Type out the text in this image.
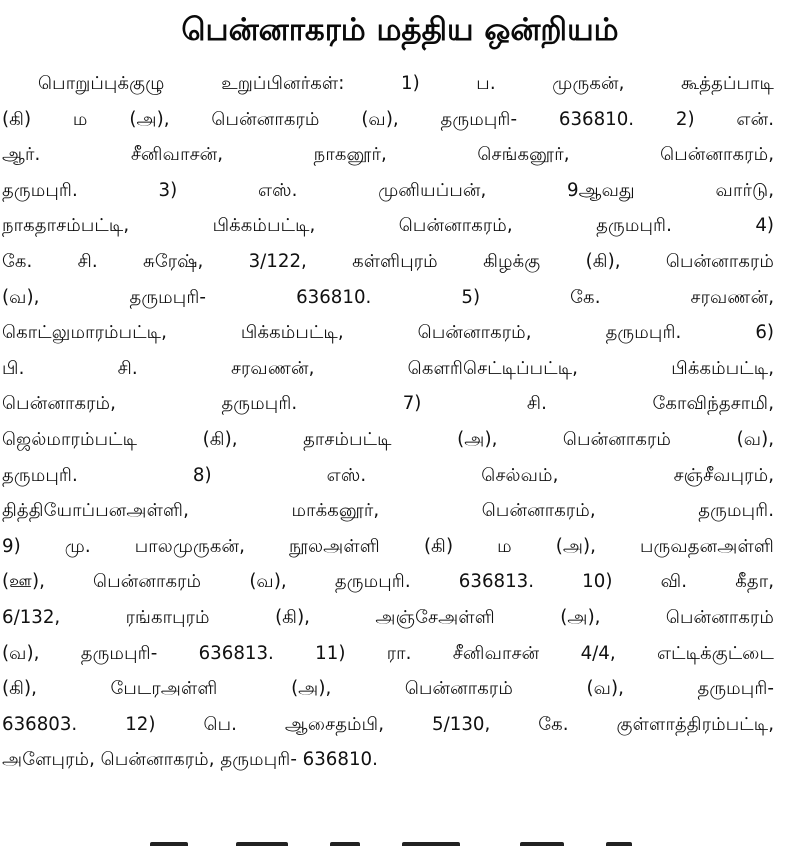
பென்னாகரம் மத்திய ஒன்றியம்
பொறுப்புக்குழு உறுப்பினர்கள்: 1) ப. முருகன், கூத்தப்பாடி
(கி) ம (அ), பென்னாகரம் (வ), தருமபுரி- 636810. 2) என்.
ஆர். சீனிவாசன், நாகனூர், செங்கனூர், பென்னாகரம்,
தருமபுரி. 3) எஸ். முனியப்பன், 9ஆவது வார்டு,
நாகதாசம்பட்டி, பிக்கம்பட்டி, பென்னாகரம், தருமபுரி. 4)
கே. சி. சுரேஷ், 3/122, கள்ளிபுரம் கிழக்கு (கி), பென்னாகரம்
(வ), தருமபுரி- 636810. 5) கே. சரவணன்,
கொட்லுமாரம்பட்டி, பிக்கம்பட்டி, பென்னாகரம், தருமபுரி. 6)
பி. சி. சரவணன், கௌரிசெட்டிப்பட்டி, பிக்கம்பட்டி,
பென்னாகரம், தருமபுரி. 7) சி. கோவிந்தசாமி,
ஜெல்மாரம்பட்டி (கி), தாசம்பட்டி (அ), பென்னாகரம் (வ),
தருமபுரி. 8) எஸ். செல்வம், சஞ்சீவபுரம்,
தித்தியோப்பனஅள்ளி, மாக்கனூர், பென்னாகரம், தருமபுரி.
9) மு. பாலமுருகன், நூலஅள்ளி (கி) ம (அ), பருவதனஅள்ளி
(ஊ), பென்னாகரம் (வ), தருமபுரி. 636813. 10) வி. கீதா,
6/132, ரங்காபுரம் (கி), அஞ்சேஅள்ளி (அ), பென்னாகரம்
(வ), தருமபுரி- 636813. 11) ரா. சீனிவாசன் 4/4, எட்டிக்குட்டை
(கி), பேடரஅள்ளி (அ), பென்னாகரம் (வ), தருமபுரி-
636803. 12) பெ. ஆசைதம்பி, 5/130, கே. குள்ளாத்திரம்பட்டி,
அளேபுரம், பென்னாகரம், தருமபுரி- 636810.
